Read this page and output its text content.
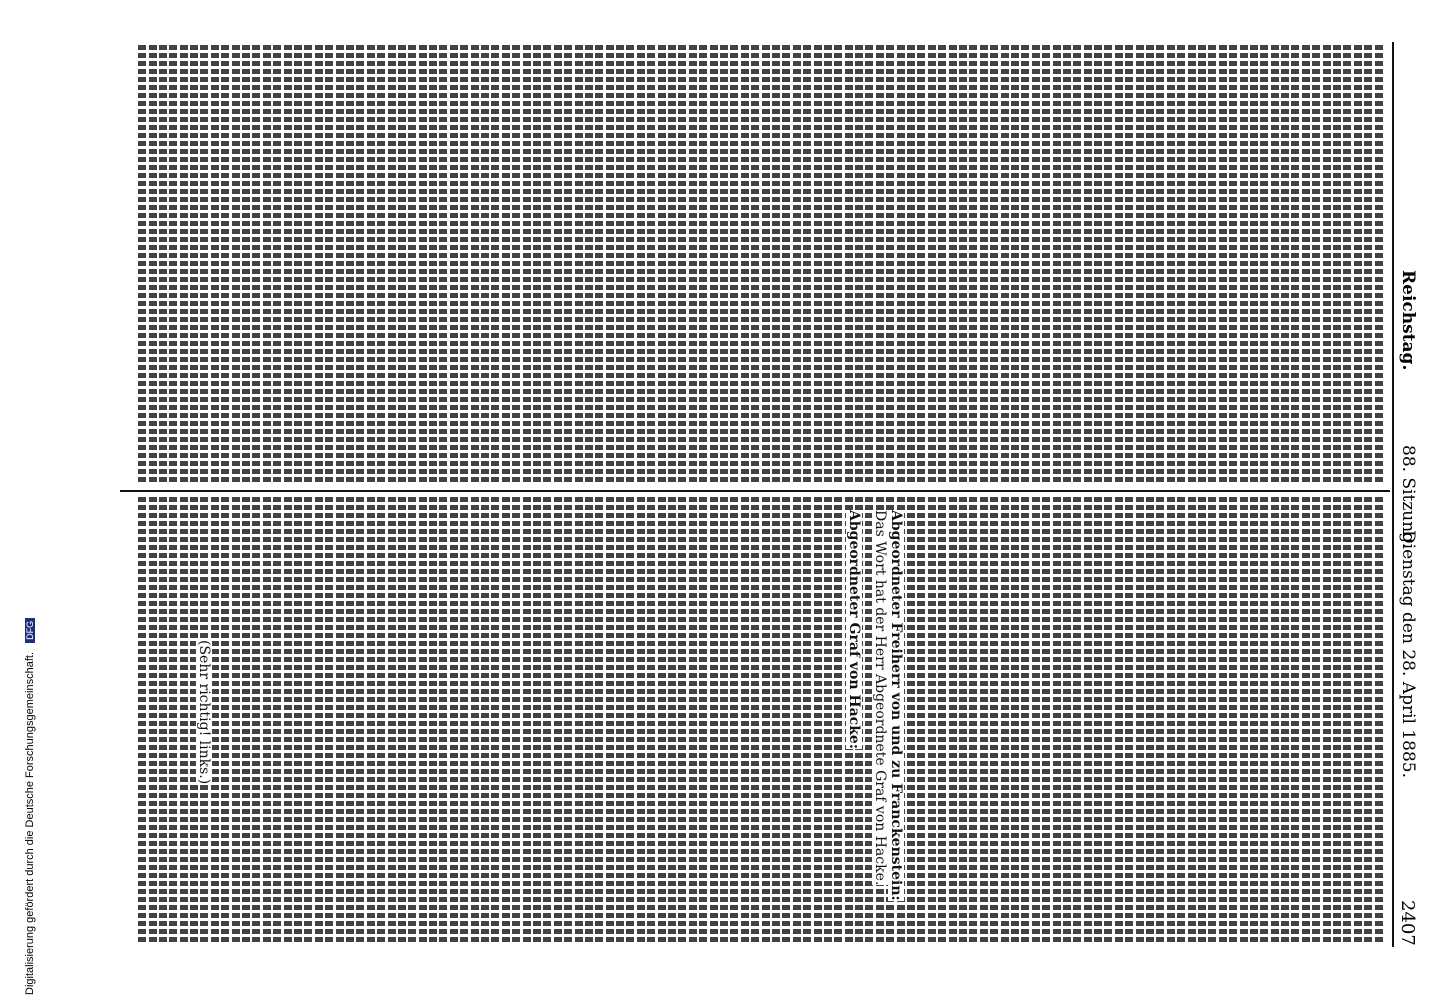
Reichstag.
88. Sitzung.
Dienstag den 28. April 1885.
2407
Abgeordneter Freiherr von und zu Franckenstein:
Das Wort hat der Herr Abgeordnete Graf von Hacke.
Abgeordneter Graf von Hacke:
(Sehr richtig! links.)
Digitalisierung gefördert durch die Deutsche Forschungsgemeinschaft. DFG
